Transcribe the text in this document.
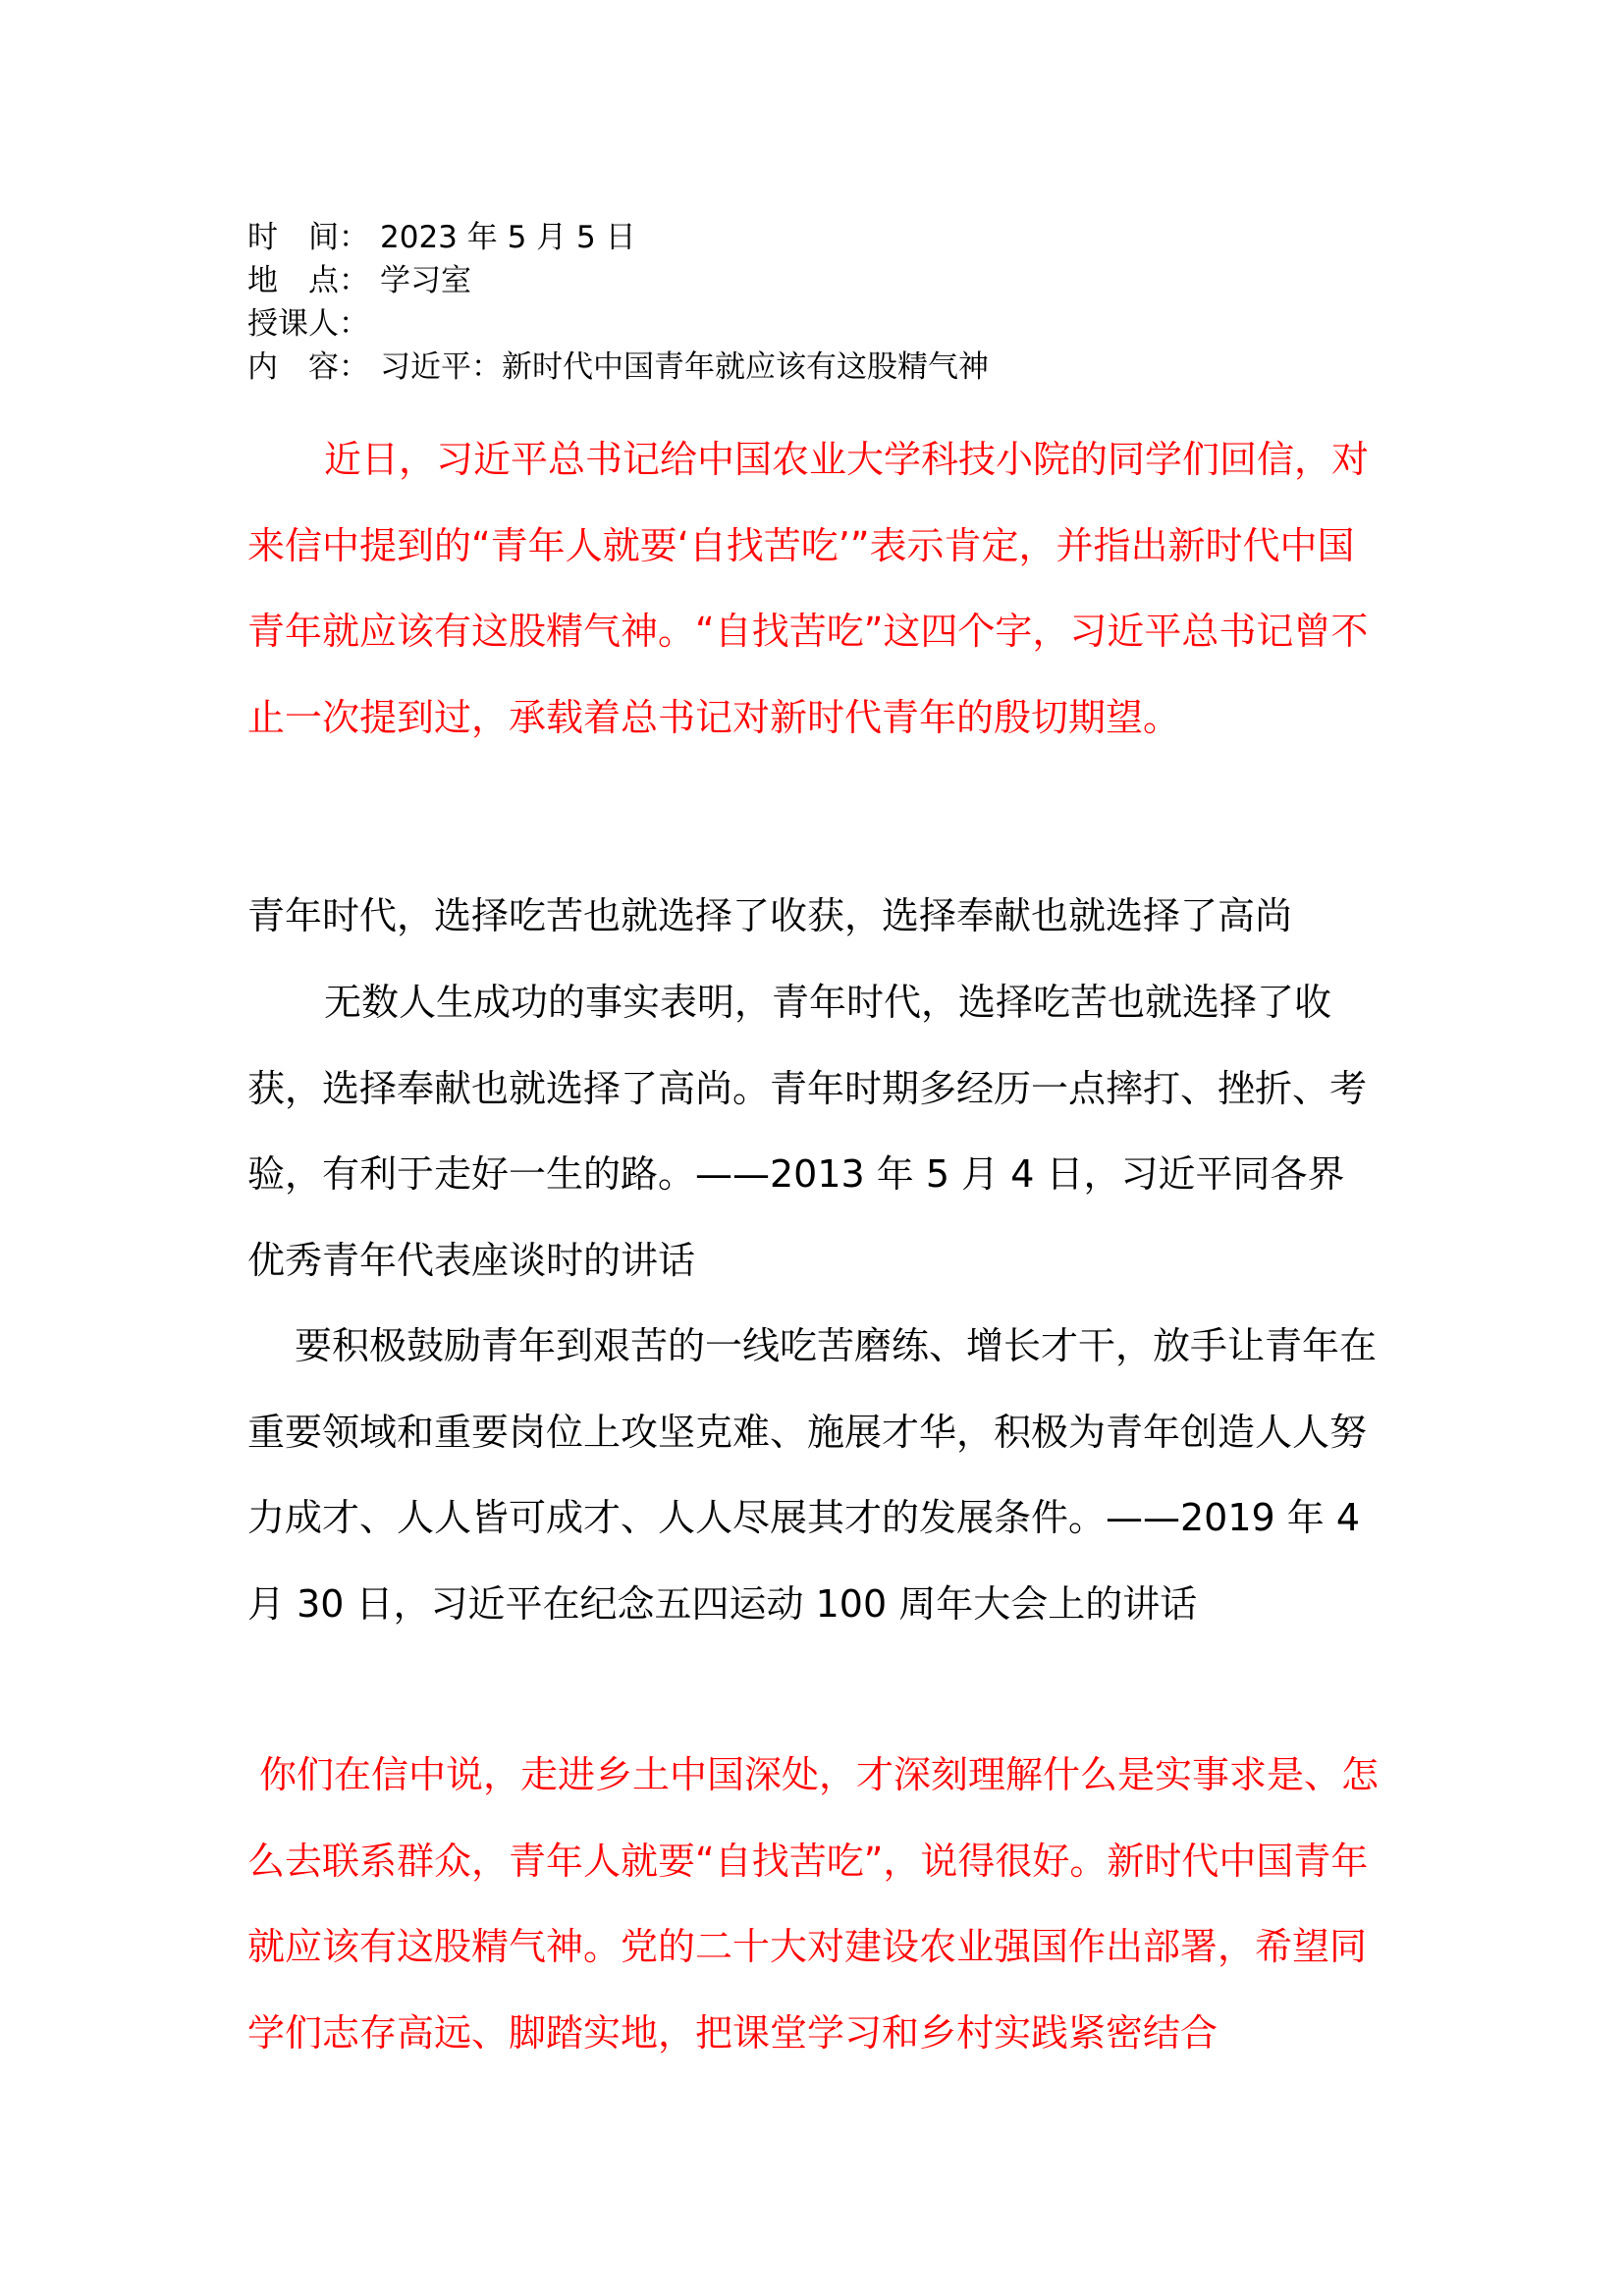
时　间： 2023 年 5 月 5 日
地　点： 学习室
授课人：
内　容： 习近平：新时代中国青年就应该有这股精气神

近日，习近平总书记给中国农业大学科技小院的同学们回信，对来信中提到的“青年人就要‘自找苦吃’”表示肯定，并指出新时代中国青年就应该有这股精气神。“自找苦吃”这四个字，习近平总书记曾不止一次提到过，承载着总书记对新时代青年的殷切期望。

青年时代，选择吃苦也就选择了收获，选择奉献也就选择了高尚

无数人生成功的事实表明，青年时代，选择吃苦也就选择了收获，选择奉献也就选择了高尚。青年时期多经历一点摔打、挫折、考验，有利于走好一生的路。——2013 年 5 月 4 日，习近平同各界优秀青年代表座谈时的讲话

要积极鼓励青年到艰苦的一线吃苦磨练、增长才干，放手让青年在重要领域和重要岗位上攻坚克难、施展才华，积极为青年创造人人努力成才、人人皆可成才、人人尽展其才的发展条件。——2019 年 4 月 30 日，习近平在纪念五四运动 100 周年大会上的讲话

你们在信中说，走进乡土中国深处，才深刻理解什么是实事求是、怎么去联系群众，青年人就要“自找苦吃”，说得很好。新时代中国青年就应该有这股精气神。党的二十大对建设农业强国作出部署，希望同学们志存高远、脚踏实地，把课堂学习和乡村实践紧密结合
